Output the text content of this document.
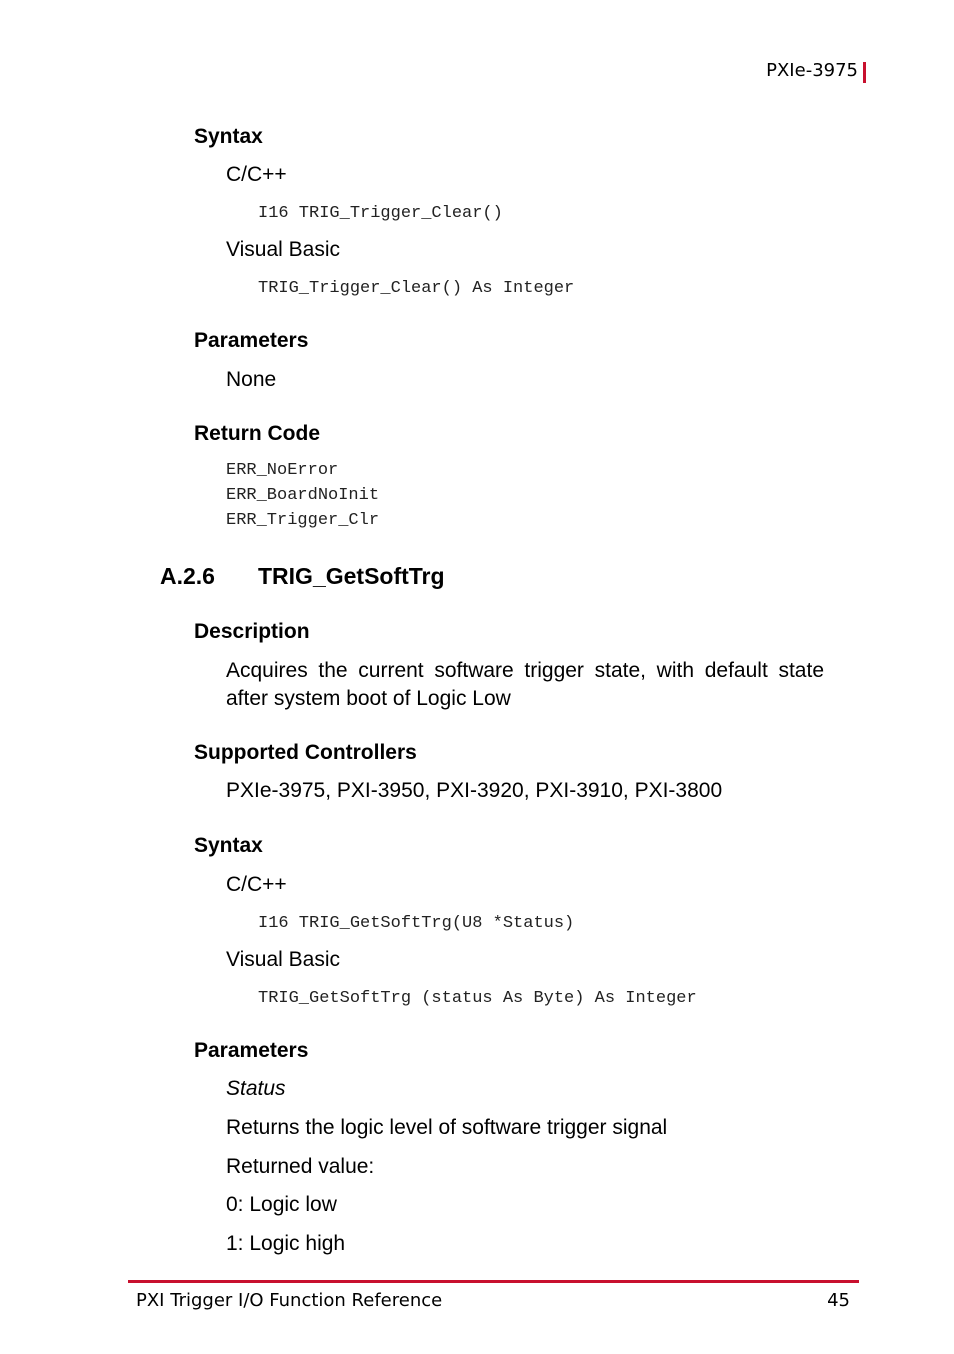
PXIe-3975
Syntax
C/C++
I16 TRIG_Trigger_Clear()
Visual Basic
TRIG_Trigger_Clear() As Integer
Parameters
None
Return Code
ERR_NoError
ERR_BoardNoInit
ERR_Trigger_Clr
A.2.6 TRIG_GetSoftTrg
Description
Acquires the current software trigger state, with default state after system boot of Logic Low
Supported Controllers
PXIe-3975, PXI-3950, PXI-3920, PXI-3910, PXI-3800
Syntax
C/C++
I16 TRIG_GetSoftTrg(U8 *Status)
Visual Basic
TRIG_GetSoftTrg (status As Byte) As Integer
Parameters
Status
Returns the logic level of software trigger signal
Returned value:
0: Logic low
1: Logic high
PXI Trigger I/O Function Reference	45
